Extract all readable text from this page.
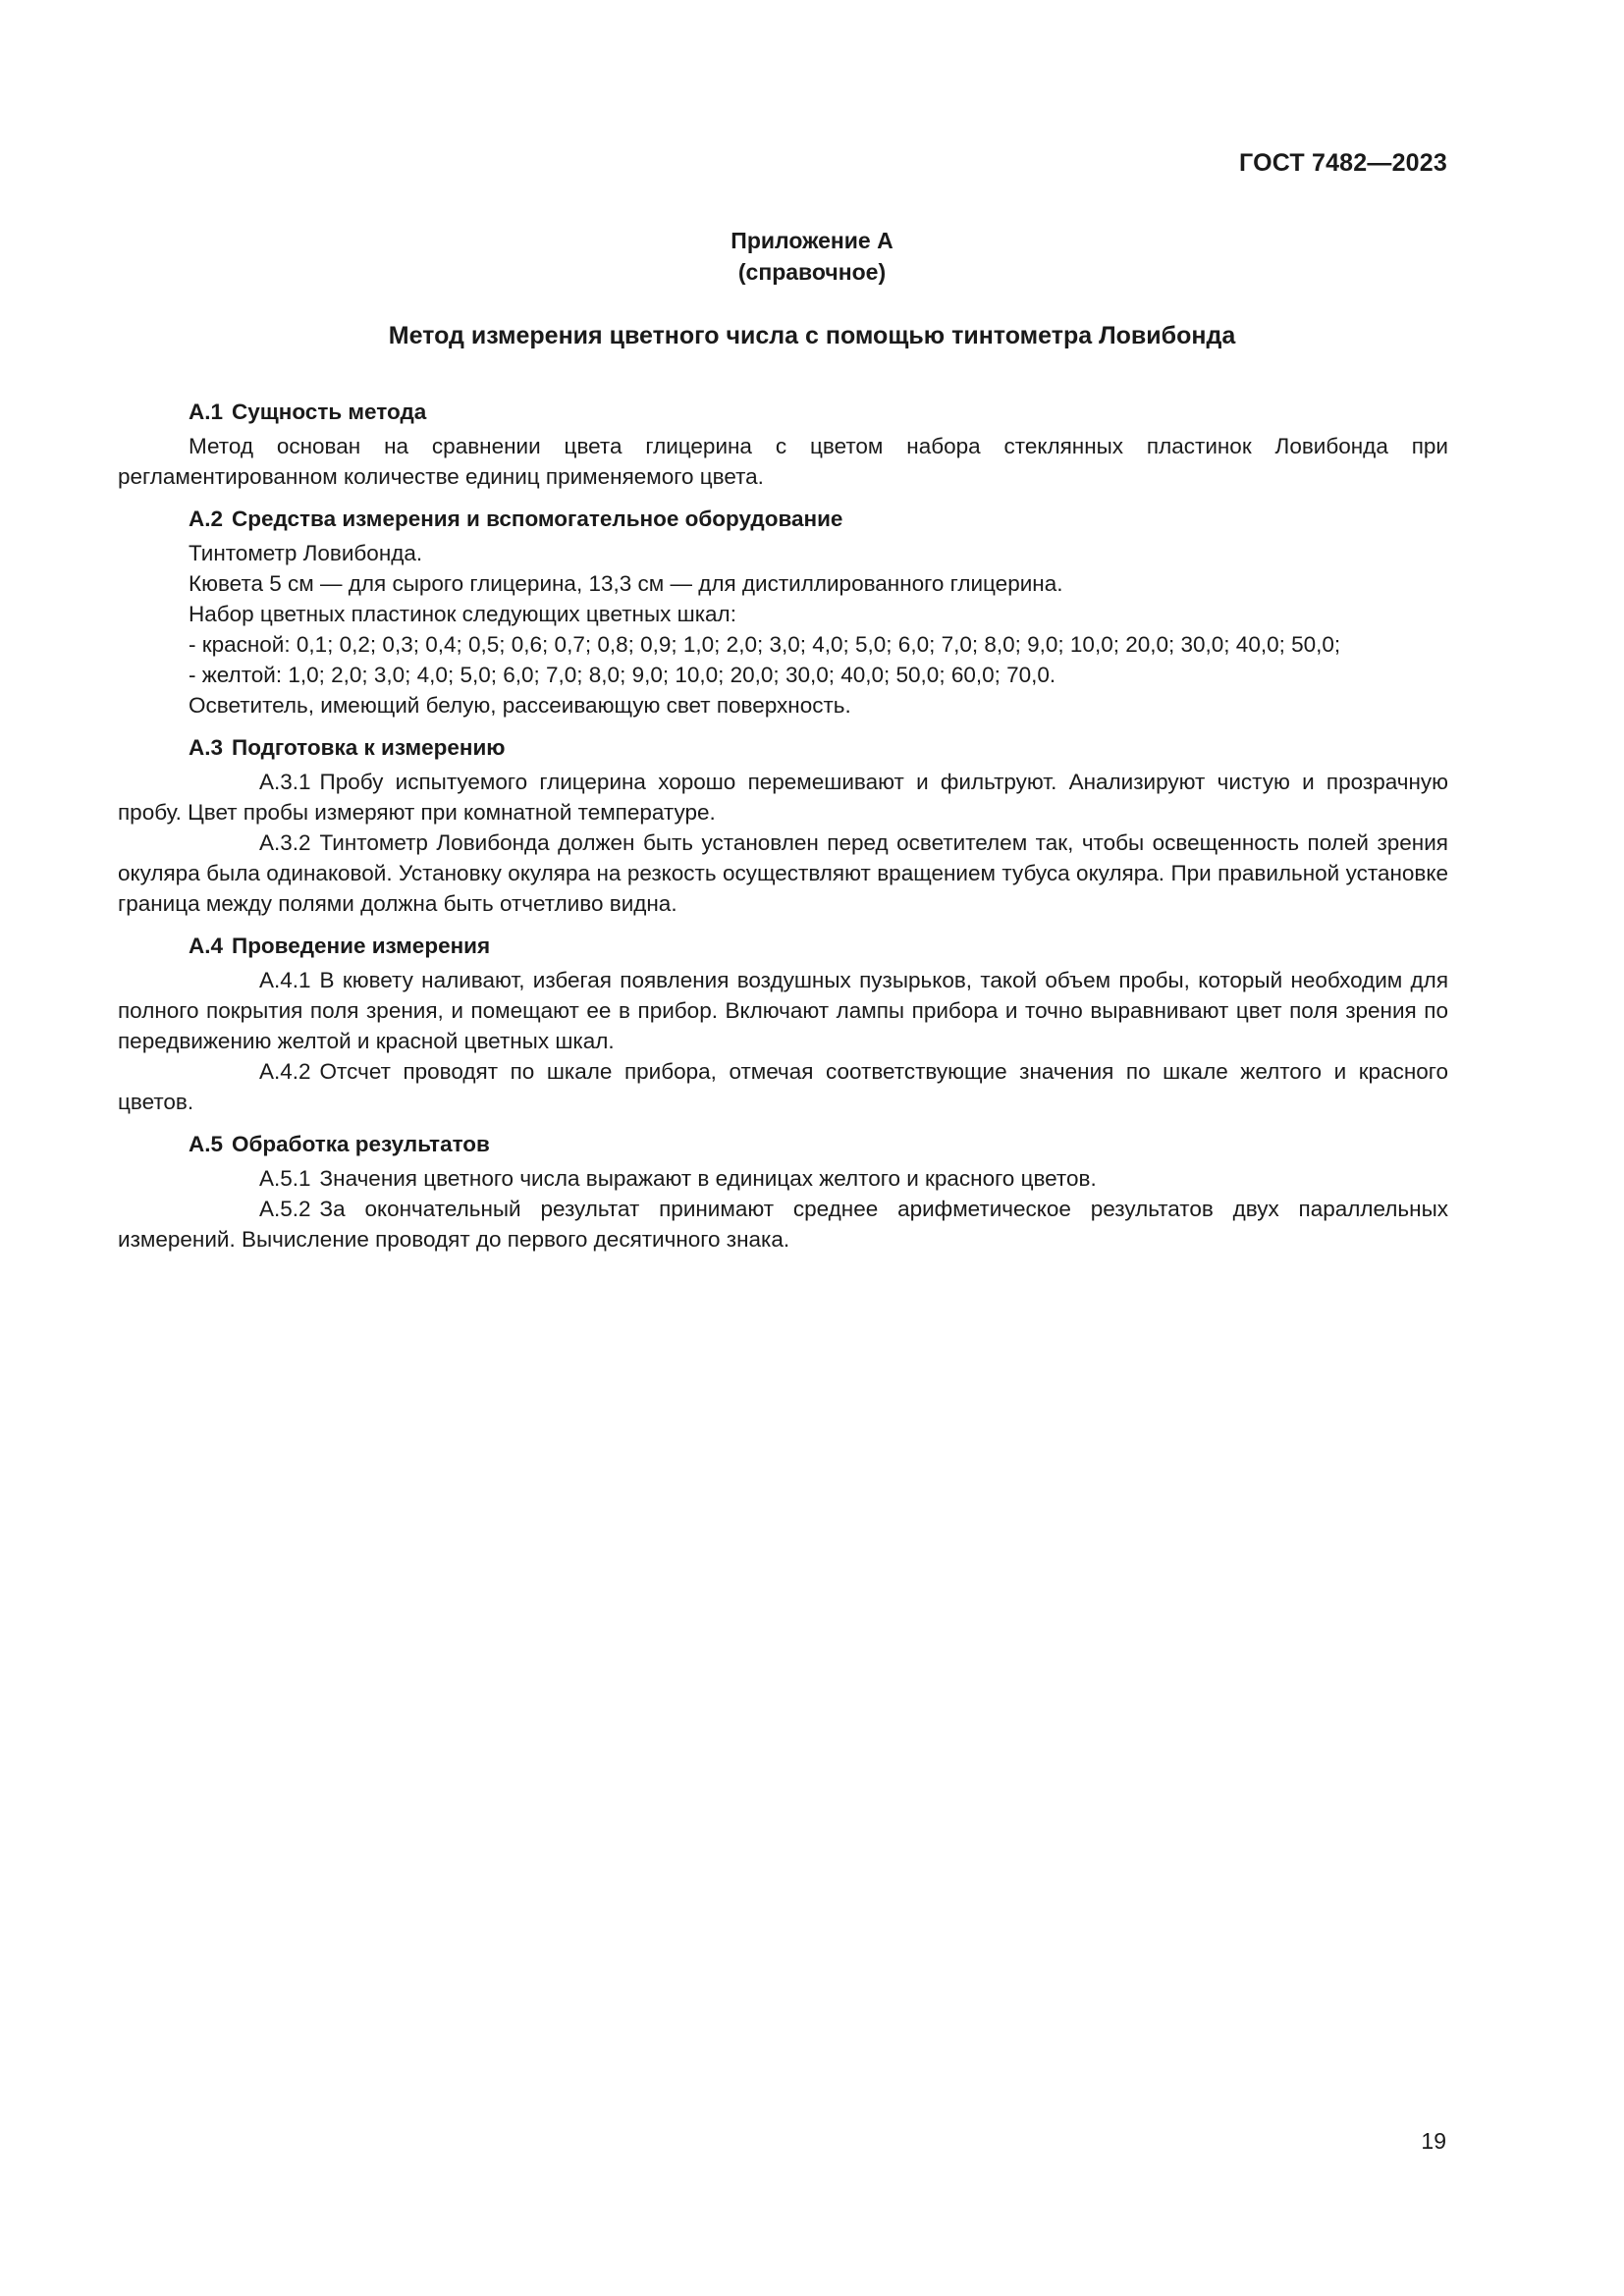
ГОСТ 7482—2023
Приложение А
(справочное)
Метод измерения цветного числа с помощью тинтометра Ловибонда

А.1 Сущность метода

Метод основан на сравнении цвета глицерина с цветом набора стеклянных пластинок Ловибонда при регламентированном количестве единиц применяемого цвета.

А.2 Средства измерения и вспомогательное оборудование

Тинтометр Ловибонда.

Кювета 5 см — для сырого глицерина, 13,3 см — для дистиллированного глицерина.

Набор цветных пластинок следующих цветных шкал:

- красной: 0,1; 0,2; 0,3; 0,4; 0,5; 0,6; 0,7; 0,8; 0,9; 1,0; 2,0; 3,0; 4,0; 5,0; 6,0; 7,0; 8,0; 9,0; 10,0; 20,0; 30,0; 40,0; 50,0;

- желтой: 1,0; 2,0; 3,0; 4,0; 5,0; 6,0; 7,0; 8,0; 9,0; 10,0; 20,0; 30,0; 40,0; 50,0; 60,0; 70,0.

Осветитель, имеющий белую, рассеивающую свет поверхность.

А.3 Подготовка к измерению

А.3.1 Пробу испытуемого глицерина хорошо перемешивают и фильтруют. Анализируют чистую и прозрачную пробу. Цвет пробы измеряют при комнатной температуре.

А.3.2 Тинтометр Ловибонда должен быть установлен перед осветителем так, чтобы освещенность полей зрения окуляра была одинаковой. Установку окуляра на резкость осуществляют вращением тубуса окуляра. При правильной установке граница между полями должна быть отчетливо видна.

А.4 Проведение измерения

А.4.1 В кювету наливают, избегая появления воздушных пузырьков, такой объем пробы, который необходим для полного покрытия поля зрения, и помещают ее в прибор. Включают лампы прибора и точно выравнивают цвет поля зрения по передвижению желтой и красной цветных шкал.

А.4.2 Отсчет проводят по шкале прибора, отмечая соответствующие значения по шкале желтого и красного цветов.

А.5 Обработка результатов

А.5.1 Значения цветного числа выражают в единицах желтого и красного цветов.

А.5.2 За окончательный результат принимают среднее арифметическое результатов двух параллельных измерений. Вычисление проводят до первого десятичного знака.

19
